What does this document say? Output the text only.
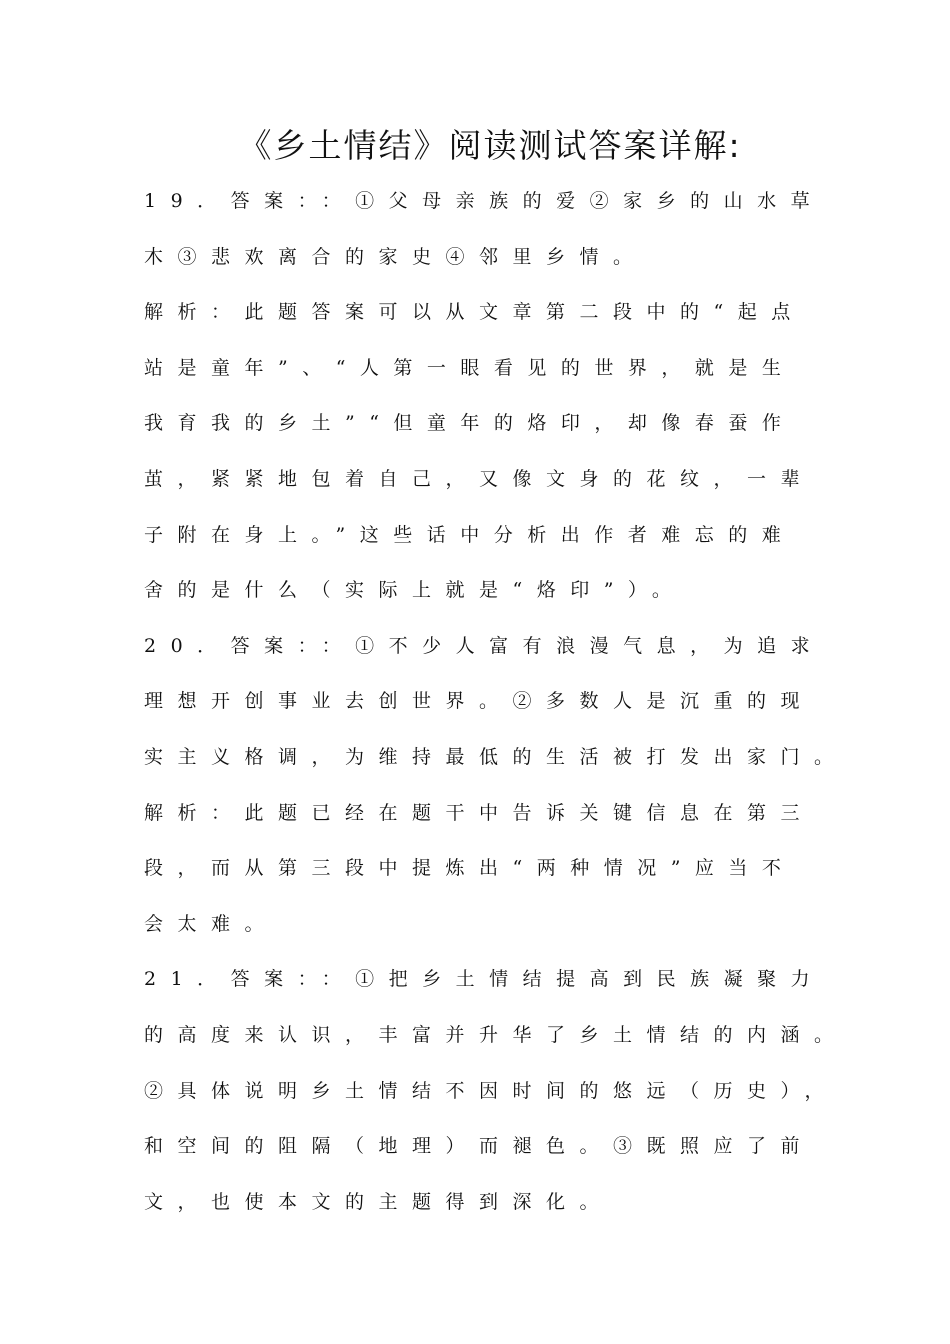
《乡土情结》阅读测试答案详解:
19．答案：：①父母亲族的爱②家乡的山水草
木③悲欢离合的家史④邻里乡情。
解析：此题答案可以从文章第二段中的“起点
站是童年”、“人第一眼看见的世界，就是生
我育我的乡土”“但童年的烙印，却像春蚕作
茧，紧紧地包着自己，又像文身的花纹，一辈
子附在身上。”这些话中分析出作者难忘的难
舍的是什么（实际上就是“烙印”）。
20．答案：：①不少人富有浪漫气息，为追求
理想开创事业去创世界。②多数人是沉重的现
实主义格调，为维持最低的生活被打发出家门。
解析：此题已经在题干中告诉关键信息在第三
段，而从第三段中提炼出“两种情况”应当不
会太难。
21．答案：：①把乡土情结提高到民族凝聚力
的高度来认识，丰富并升华了乡土情结的内涵。
②具体说明乡土情结不因时间的悠远（历史），
和空间的阻隔（地理）而褪色。③既照应了前
文，也使本文的主题得到深化。
